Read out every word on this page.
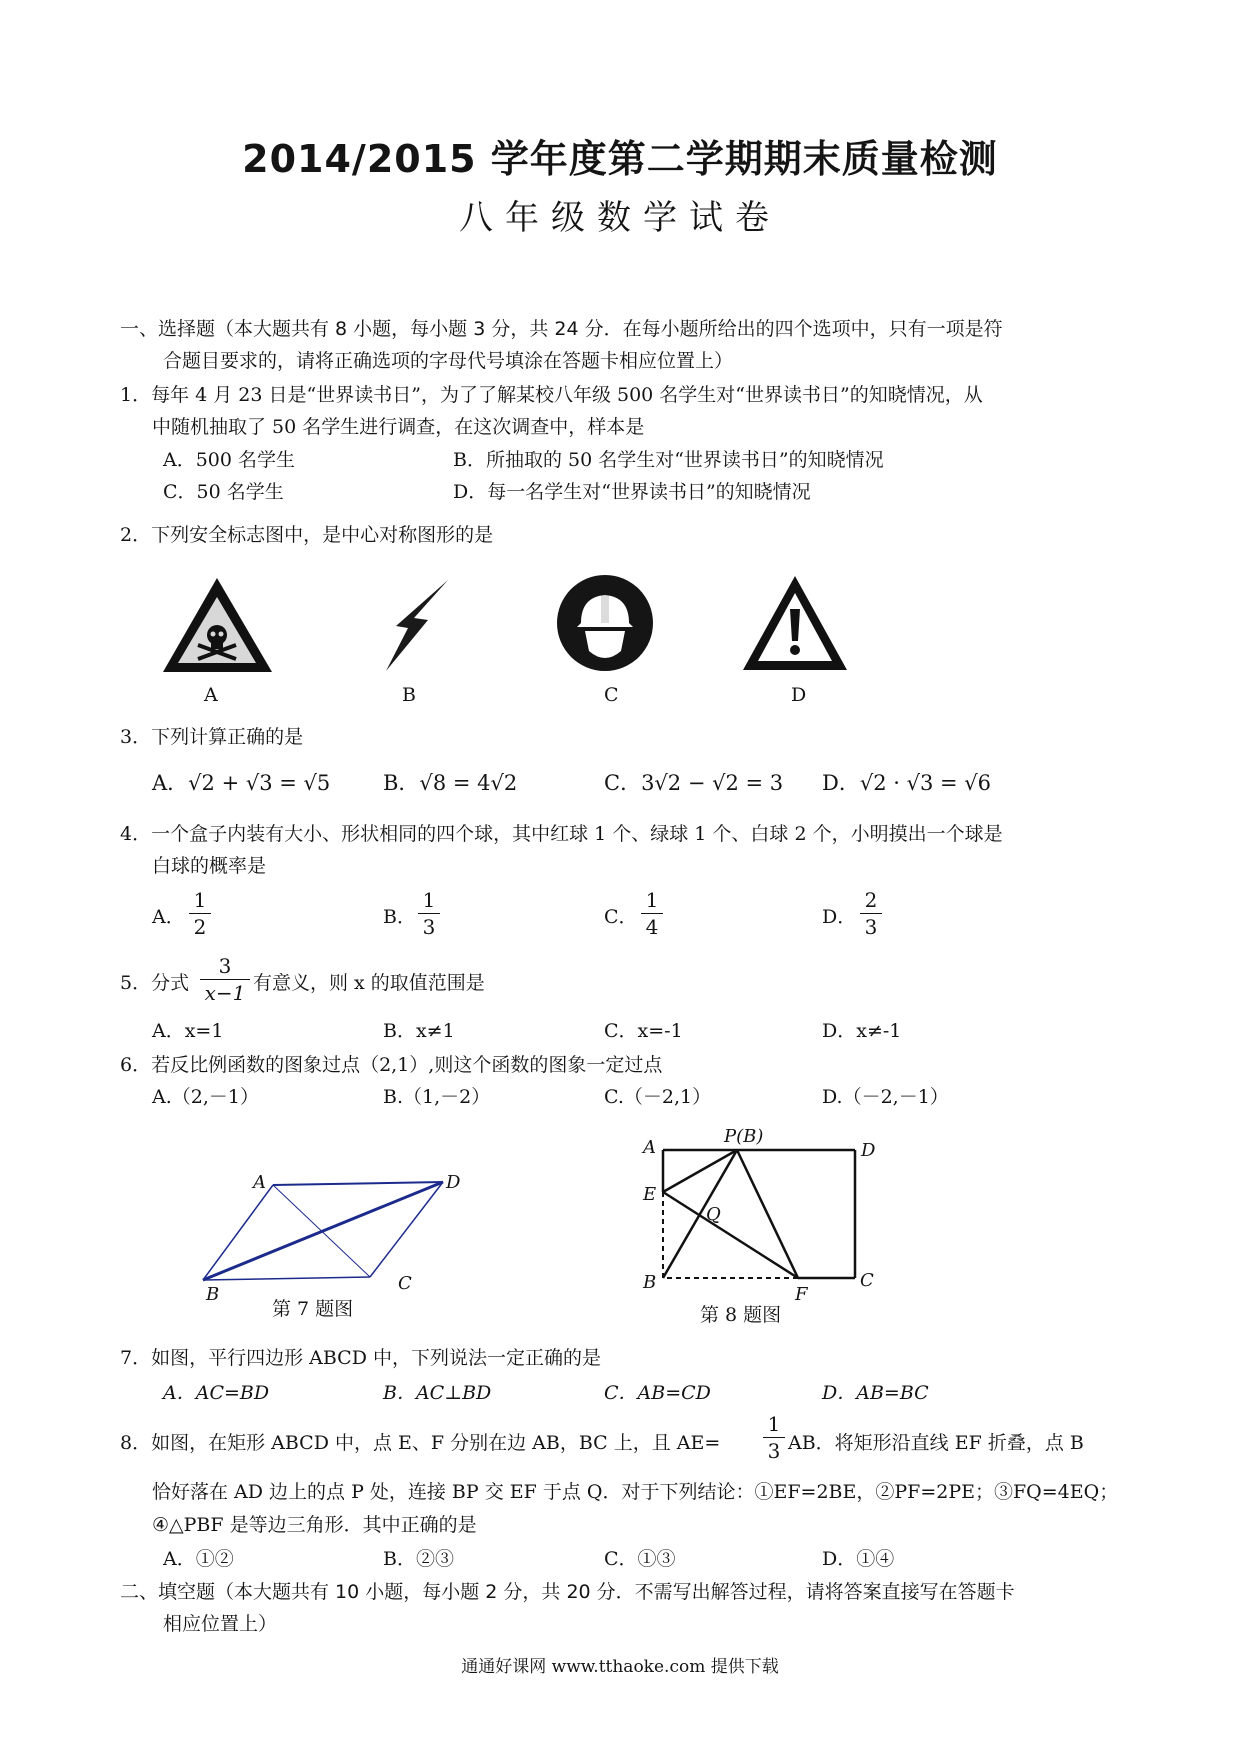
2014/2015 学年度第二学期期末质量检测
八年级数学试卷
一、选择题（本大题共有 8 小题，每小题 3 分，共 24 分．在每小题所给出的四个选项中，只有一项是符
合题目要求的，请将正确选项的字母代号填涂在答题卡相应位置上）
1．每年 4 月 23 日是“世界读书日”，为了了解某校八年级 500 名学生对“世界读书日”的知晓情况，从
中随机抽取了 50 名学生进行调查，在这次调查中，样本是
A．500 名学生	B．所抽取的 50 名学生对“世界读书日”的知晓情况
C．50 名学生	D．每一名学生对“世界读书日”的知晓情况
2．下列安全标志图中，是中心对称图形的是
A	B	C	D
3．下列计算正确的是
A．√2 + √3 = √5	B．√8 = 4√2	C．3√2 − √2 = 3 D．√2 · √3 = √6
4．一个盒子内装有大小、形状相同的四个球，其中红球 1 个、绿球 1 个、白球 2 个，小明摸出一个球是
白球的概率是
A．
1
2	B．
1
3	C．
1
4	D．
2
3
5．分式
3
x−1 有意义，则 x 的取值范围是
A．x=1	B．x≠1	C．x=-1	D．x≠-1
6．若反比例函数的图象过点（2,1）,则这个函数的图象一定过点
A.（2,－1）	B.（1,－2）	C.（－2,1）	D.（－2,－1）
A	D
B
C
第 7 题图
A
P(B)
D
E
Q
B
F
C
第 8 题图
7．如图，平行四边形 ABCD 中，下列说法一定正确的是
A．AC=BD	B．AC⊥BD	C．AB=CD	D．AB=BC
8．如图，在矩形 ABCD 中，点 E、F 分别在边 AB，BC 上，且 AE=
1
3 AB．将矩形沿直线 EF 折叠，点 B
恰好落在 AD 边上的点 P 处，连接 BP 交 EF 于点 Q．对于下列结论：①EF=2BE，②PF=2PE；③FQ=4EQ；
④△PBF 是等边三角形．其中正确的是
A．①②	B．②③	C．①③	D．①④
二、填空题（本大题共有 10 小题，每小题 2 分，共 20 分．不需写出解答过程，请将答案直接写在答题卡
相应位置上）
通通好课网 www.tthaoke.com 提供下载
